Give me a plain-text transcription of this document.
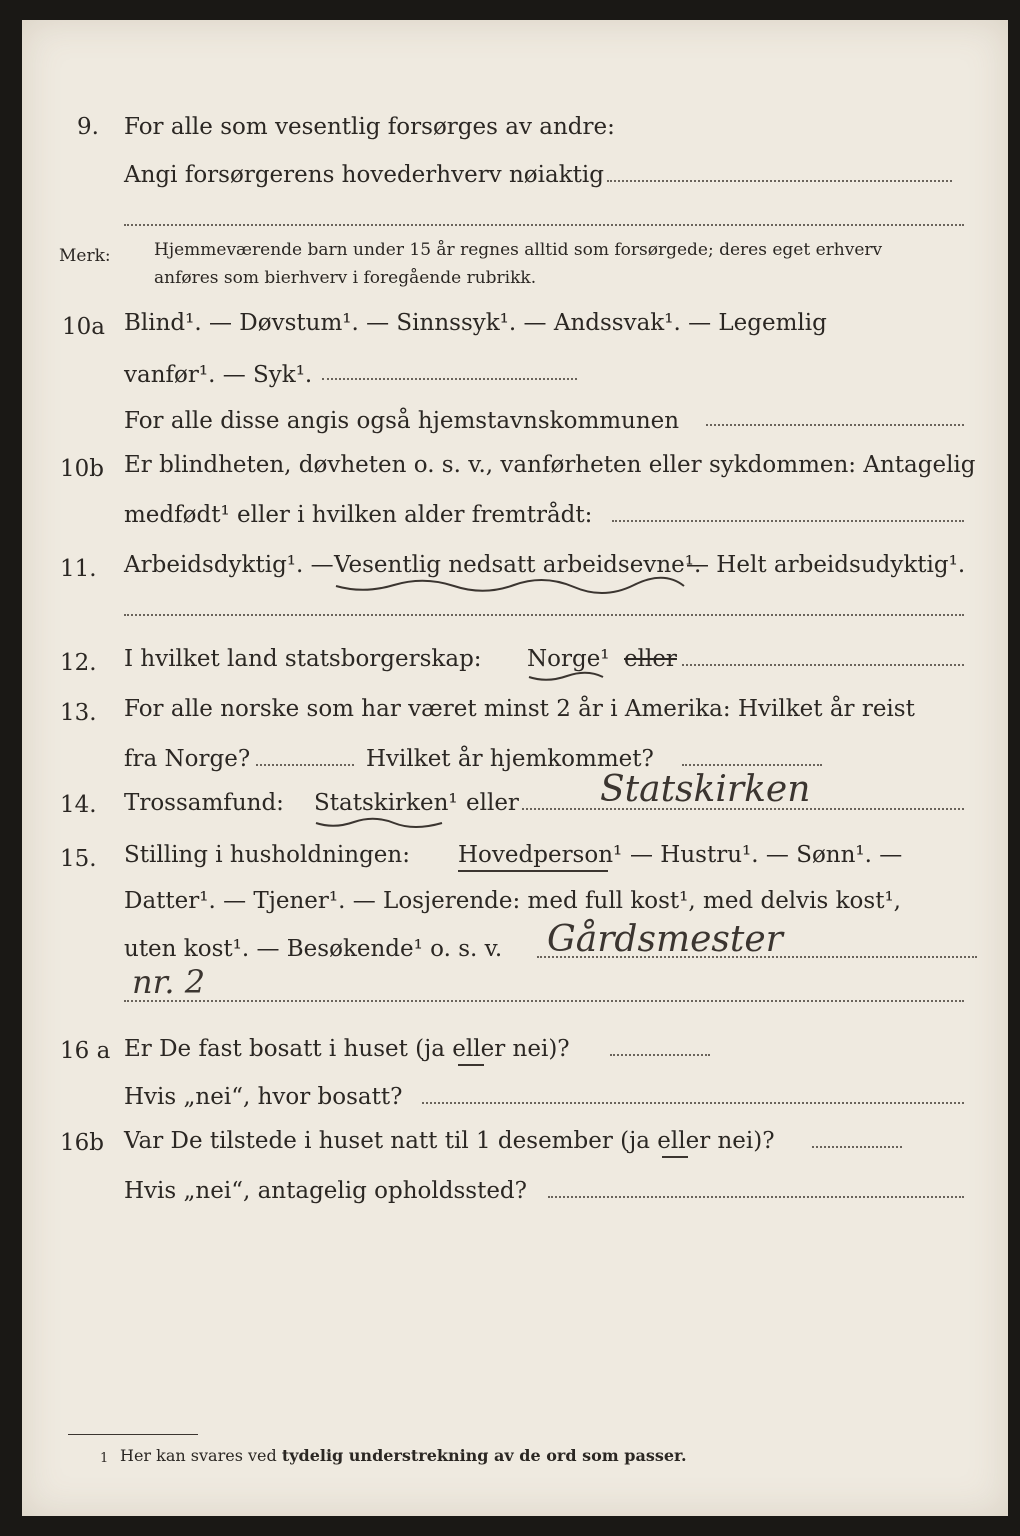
9. For alle som vesentlig forsørges av andre:
Angi forsørgerens hovederhverv nøiaktig
Merk:	Hjemmeværende barn under 15 år regnes alltid som forsørgede; deres eget erhverv
anføres som bierhverv i foregående rubrikk.
10a Blind¹. — Døvstum¹. — Sinnssyk¹. — Andssvak¹. — Legemlig
vanfør¹. — Syk¹.
For alle disse angis også hjemstavnskommunen
10b Er blindheten, døvheten o. s. v., vanførheten eller sykdommen: Antagelig
medfødt¹ eller i hvilken alder fremtrådt:
11. Arbeidsdyktig¹. — Vesentlig nedsatt arbeidsevne¹.
— Helt arbeidsudyktig¹.
12. I hvilket land statsborgerskap: Norge¹ eller
13. For alle norske som har været minst 2 år i Amerika: Hvilket år reist
fra Norge?	Hvilket år hjemkommet?
14. Trossamfund: Statskirken¹ eller Statskirken
15. Stilling i husholdningen: Hovedperson¹ — Hustru¹. — Sønn¹. —
Datter¹. — Tjener¹. — Losjerende: med full kost¹, med delvis kost¹,
uten kost¹. — Besøkende¹ o. s. v. Gårdsmester
nr. 2
16 a Er De fast bosatt i huset (ja eller nei)?
Hvis „nei“, hvor bosatt?
16b Var De tilstede i huset natt til 1 desember (ja eller nei)?
Hvis „nei“, antagelig opholdssted?
1 Her kan svares ved tydelig understrekning av de ord som passer.
